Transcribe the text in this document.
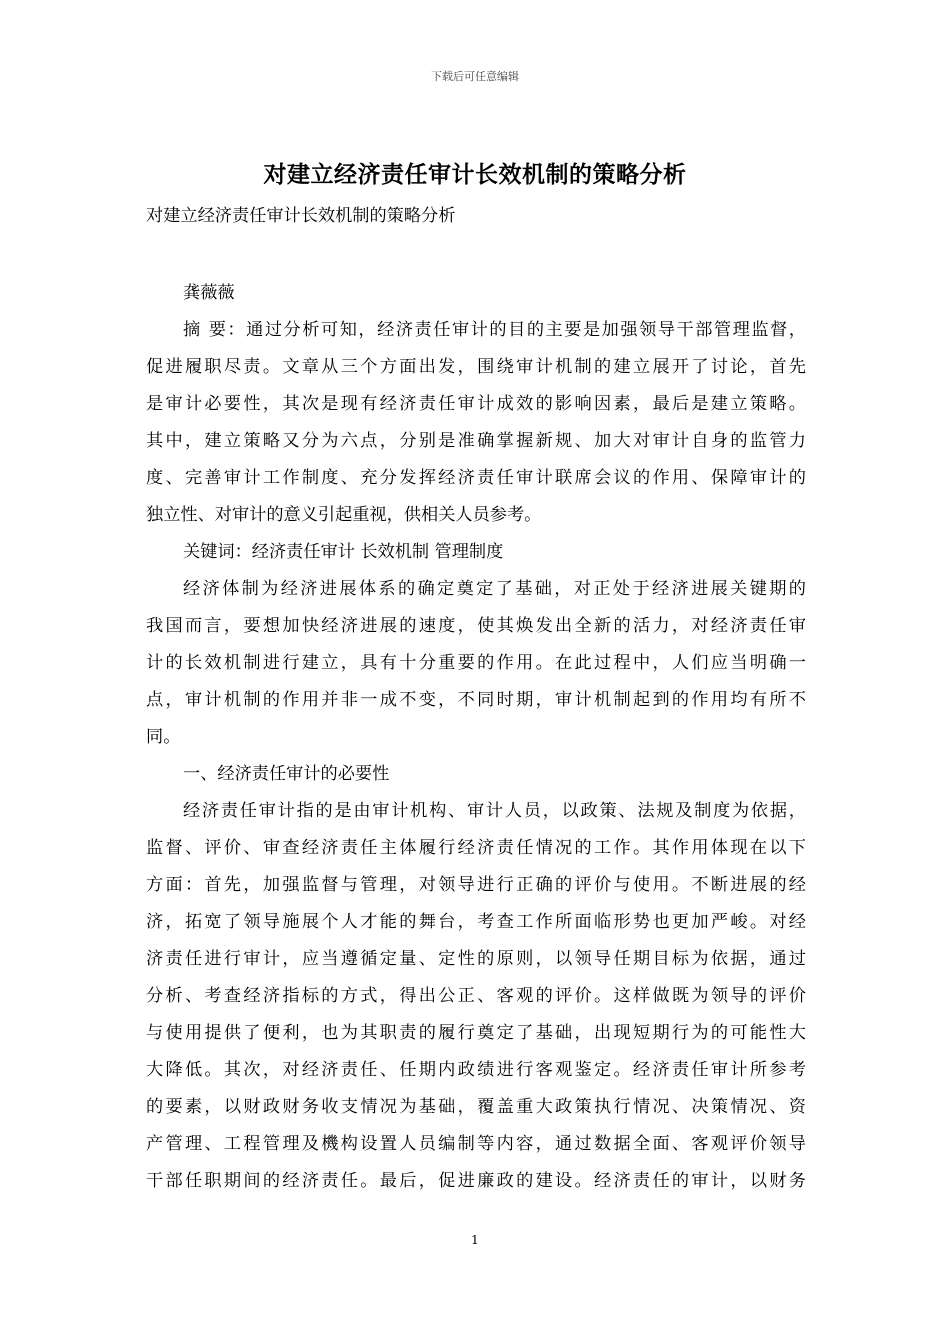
下载后可任意编辑
对建立经济责任审计长效机制的策略分析
对建立经济责任审计长效机制的策略分析
龚薇薇
摘 要：通过分析可知，经济责任审计的目的主要是加强领导干部管理监督，
促进履职尽责。文章从三个方面出发，围绕审计机制的建立展开了讨论，首先
是审计必要性，其次是现有经济责任审计成效的影响因素，最后是建立策略。
其中，建立策略又分为六点，分别是准确掌握新规、加大对审计自身的监管力
度、完善审计工作制度、充分发挥经济责任审计联席会议的作用、保障审计的
独立性、对审计的意义引起重视，供相关人员参考。
关键词：经济责任审计 长效机制 管理制度
经济体制为经济进展体系的确定奠定了基础，对正处于经济进展关键期的
我国而言，要想加快经济进展的速度，使其焕发出全新的活力，对经济责任审
计的长效机制进行建立，具有十分重要的作用。在此过程中，人们应当明确一
点，审计机制的作用并非一成不变，不同时期，审计机制起到的作用均有所不
同。
一、经济责任审计的必要性
经济责任审计指的是由审计机构、审计人员，以政策、法规及制度为依据，
监督、评价、审查经济责任主体履行经济责任情况的工作。其作用体现在以下
方面：首先，加强监督与管理，对领导进行正确的评价与使用。不断进展的经
济，拓宽了领导施展个人才能的舞台，考查工作所面临形势也更加严峻。对经
济责任进行审计，应当遵循定量、定性的原则，以领导任期目标为依据，通过
分析、考查经济指标的方式，得出公正、客观的评价。这样做既为领导的评价
与使用提供了便利，也为其职责的履行奠定了基础，出现短期行为的可能性大
大降低。其次，对经济责任、任期内政绩进行客观鉴定。经济责任审计所参考
的要素，以财政财务收支情况为基础，覆盖重大政策执行情况、决策情况、资
产管理、工程管理及機构设置人员编制等内容，通过数据全面、客观评价领导
干部任职期间的经济责任。最后，促进廉政的建设。经济责任的审计，以财务
1
